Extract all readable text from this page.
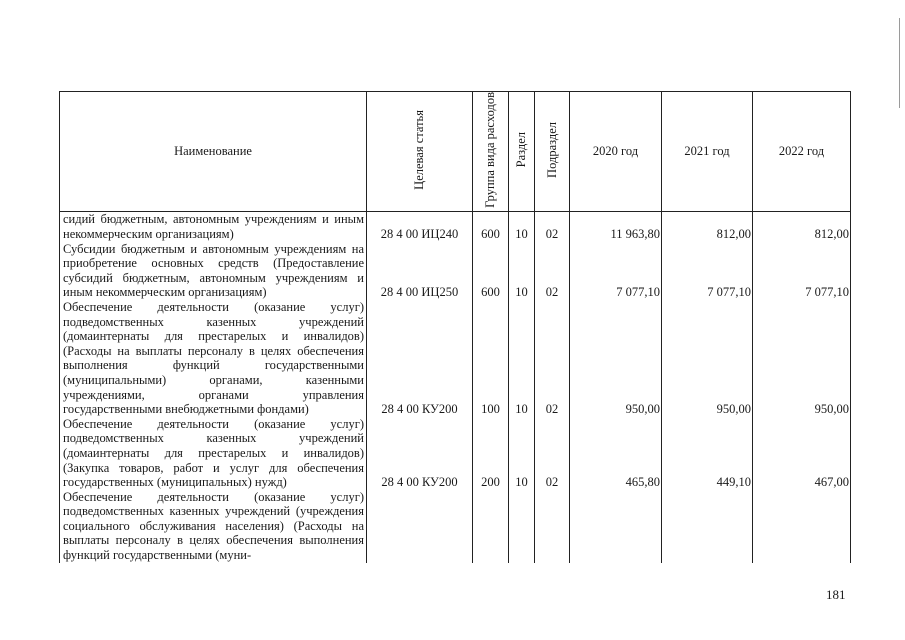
Наименование	Целевая статья	Группа вида расходов	Раздел	Подраздел	2020 год	2021 год	2022 год
сидий бюджетным, автономным учреждениям и иным некоммерческим организациям)	28 4 00 ИЦ240	600	10	02	11 963,80	812,00	812,00
Субсидии бюджетным и автономным учреждениям на приобретение основных средств (Предоставление субсидий бюджетным, автономным учреждениям и иным некоммерческим организациям)	28 4 00 ИЦ250	600	10	02	7 077,10	7 077,10	7 077,10
Обеспечение деятельности (оказание услуг) подведомственных казенных учреждений (домаинтернаты для престарелых и инвалидов) (Расходы на выплаты персоналу в целях обеспечения выполнения функций государственными (муниципальными) органами, казенными учреждениями, органами управления государственными внебюджетными фондами)	28 4 00 КУ200	100	10	02	950,00	950,00	950,00
Обеспечение деятельности (оказание услуг) подведомственных казенных учреждений (домаинтернаты для престарелых и инвалидов) (Закупка товаров, работ и услуг для обеспечения государственных (муниципальных) нужд)	28 4 00 КУ200	200	10	02	465,80	449,10	467,00
Обеспечение деятельности (оказание услуг) подведомственных казенных учреждений (учреждения социального обслуживания населения) (Расходы на выплаты персоналу в целях обеспечения выполнения функций государственными (муни-							
181
